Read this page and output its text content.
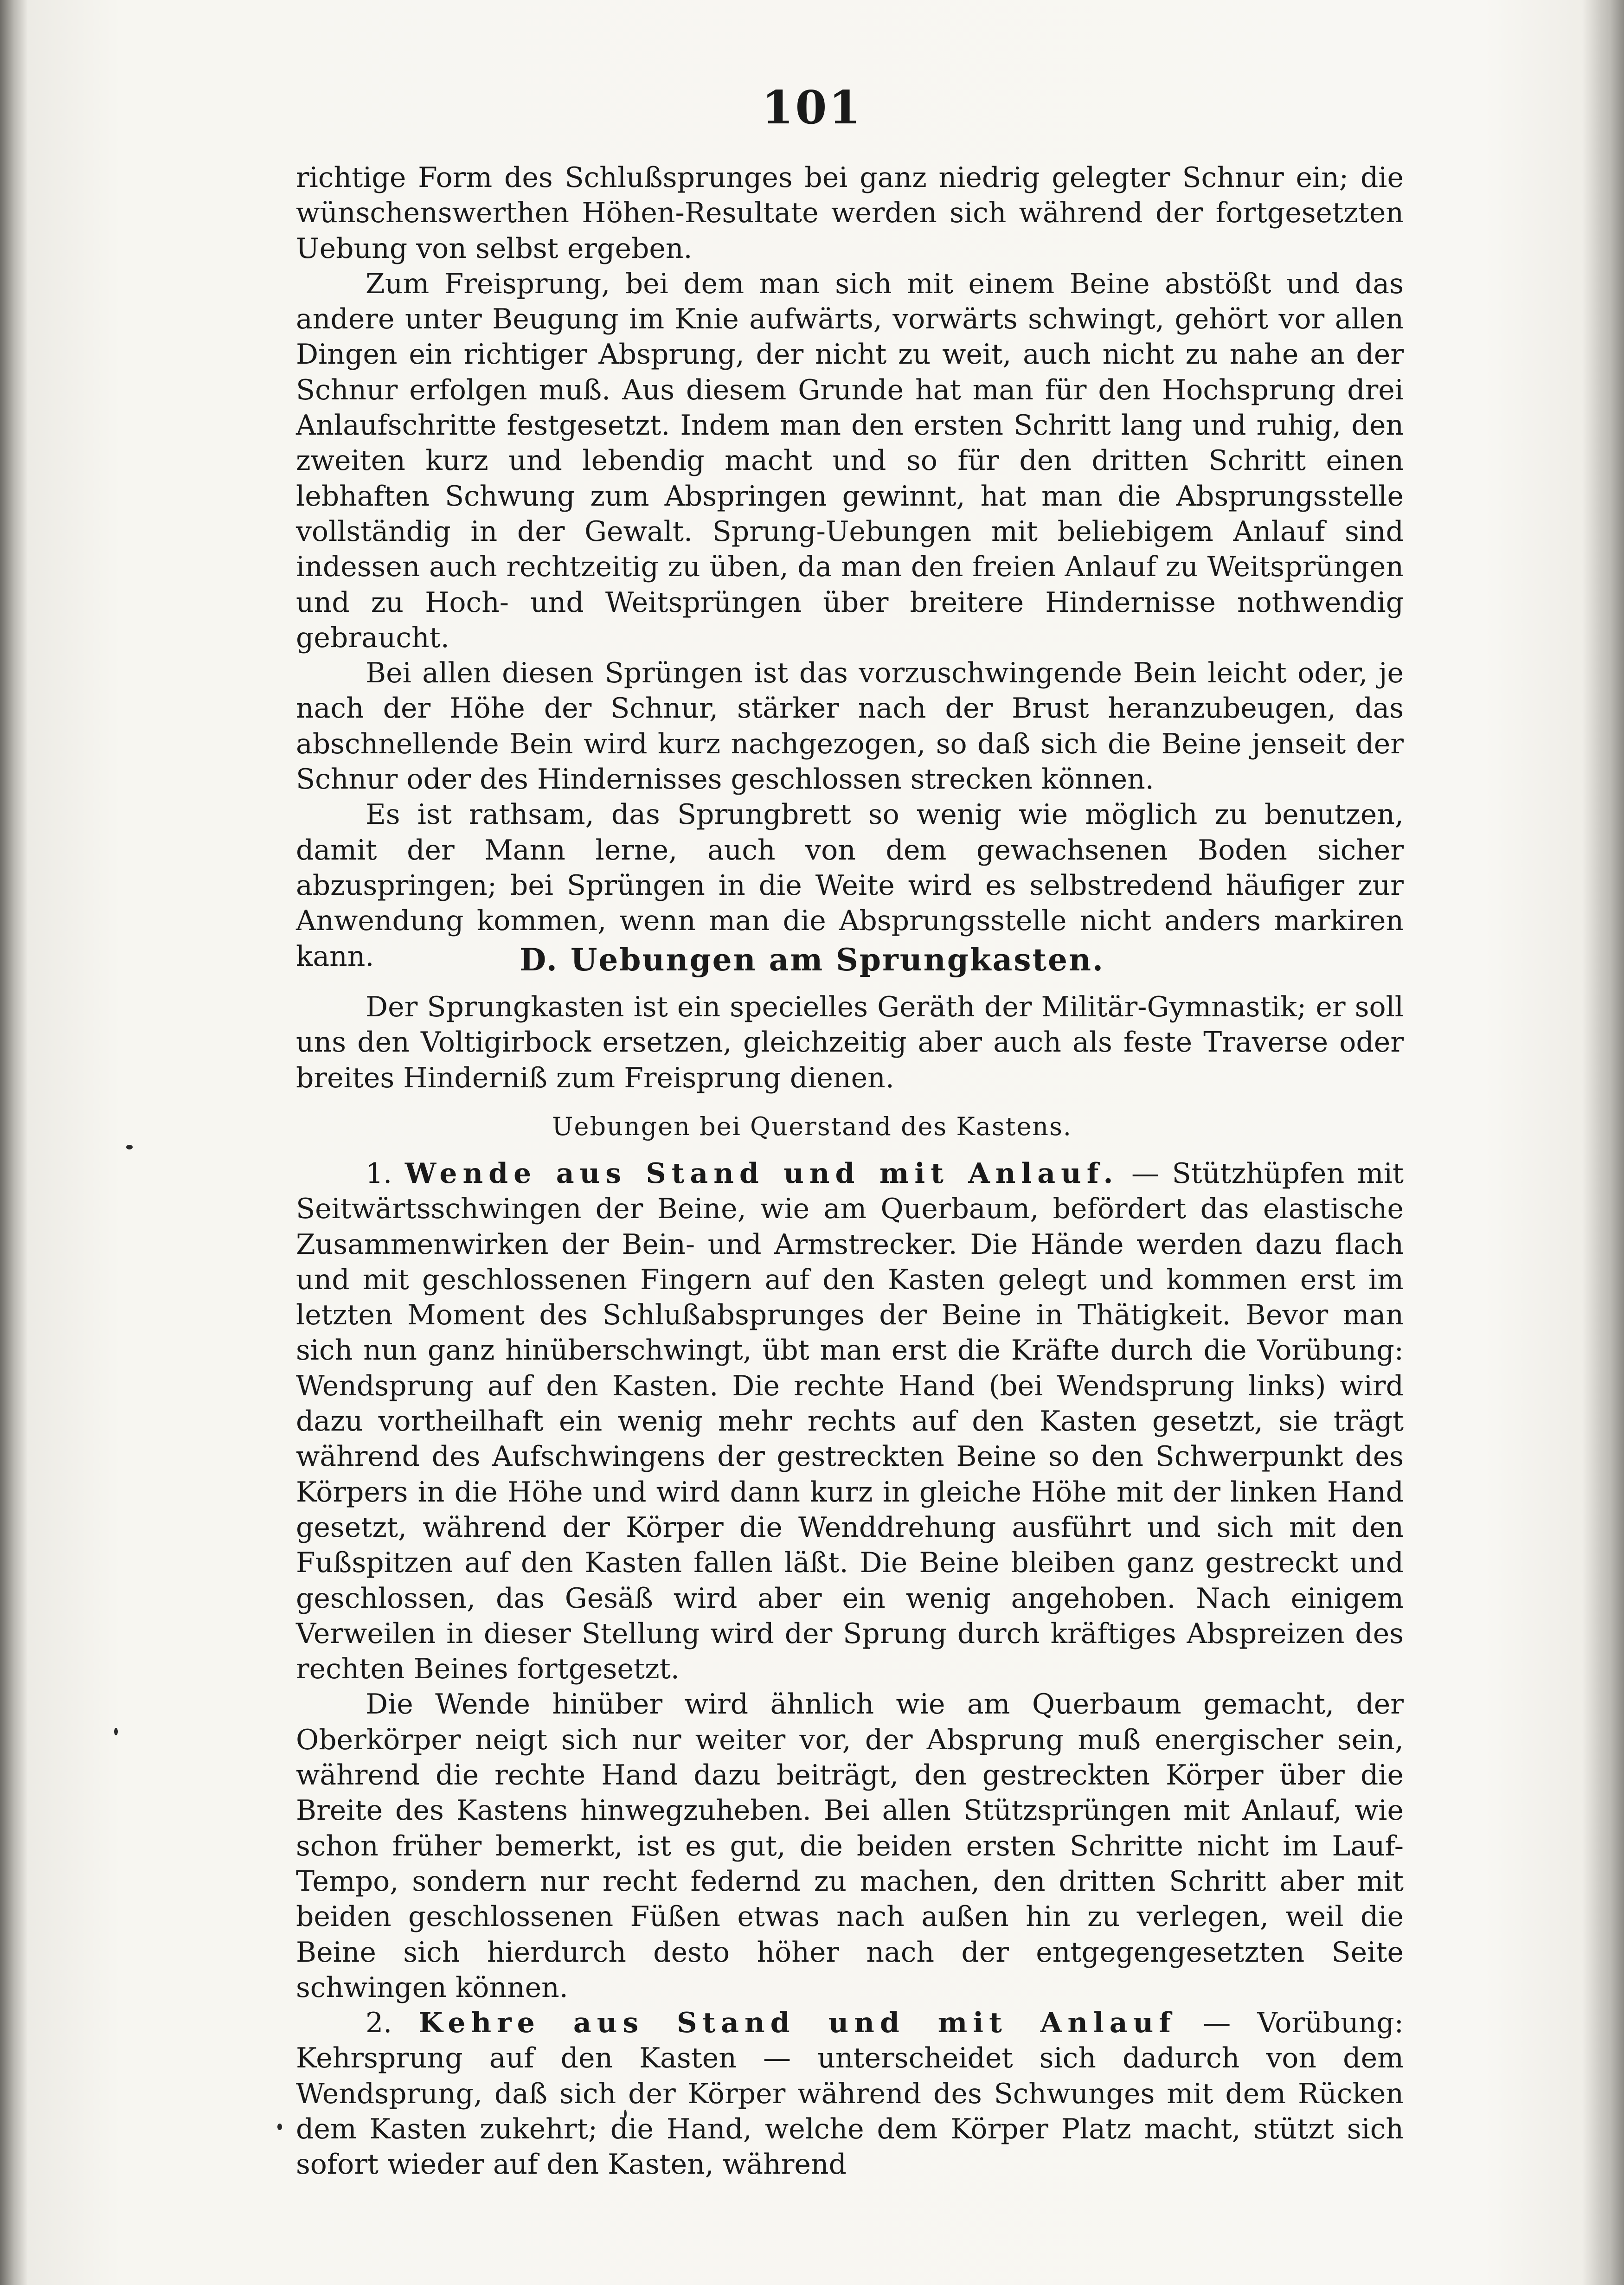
101

richtige Form des Schlußsprunges bei ganz niedrig gelegter Schnur ein; die wünschenswerthen Höhen-Resultate werden sich während der fortgesetzten Uebung von selbst ergeben.

Zum Freisprung, bei dem man sich mit einem Beine abstößt und das andere unter Beugung im Knie aufwärts, vorwärts schwingt, gehört vor allen Dingen ein richtiger Absprung, der nicht zu weit, auch nicht zu nahe an der Schnur erfolgen muß. Aus diesem Grunde hat man für den Hochsprung drei Anlaufschritte festgesetzt. Indem man den ersten Schritt lang und ruhig, den zweiten kurz und lebendig macht und so für den dritten Schritt einen lebhaften Schwung zum Abspringen gewinnt, hat man die Absprungsstelle vollständig in der Gewalt. Sprung-Uebungen mit beliebigem Anlauf sind indessen auch rechtzeitig zu üben, da man den freien Anlauf zu Weitsprüngen und zu Hoch- und Weitsprüngen über breitere Hindernisse nothwendig gebraucht.

Bei allen diesen Sprüngen ist das vorzuschwingende Bein leicht oder, je nach der Höhe der Schnur, stärker nach der Brust heranzubeugen, das abschnellende Bein wird kurz nachgezogen, so daß sich die Beine jenseit der Schnur oder des Hindernisses geschlossen strecken können.

Es ist rathsam, das Sprungbrett so wenig wie möglich zu benutzen, damit der Mann lerne, auch von dem gewachsenen Boden sicher abzuspringen; bei Sprüngen in die Weite wird es selbstredend häufiger zur Anwendung kommen, wenn man die Absprungsstelle nicht anders markiren kann.	D. Uebungen am Sprungkasten.

Der Sprungkasten ist ein specielles Geräth der Militär-Gymnastik; er soll uns den Voltigirbock ersetzen, gleichzeitig aber auch als feste Traverse oder breites Hinderniß zum Freisprung dienen.

Uebungen bei Querstand des Kastens.

1. Wende aus Stand und mit Anlauf. — Stützhüpfen mit Seitwärtsschwingen der Beine, wie am Querbaum, befördert das elastische Zusammenwirken der Bein- und Armstrecker. Die Hände werden dazu flach und mit geschlossenen Fingern auf den Kasten gelegt und kommen erst im letzten Moment des Schlußabsprunges der Beine in Thätigkeit. Bevor man sich nun ganz hinüberschwingt, übt man erst die Kräfte durch die Vorübung: Wendsprung auf den Kasten. Die rechte Hand (bei Wendsprung links) wird dazu vortheilhaft ein wenig mehr rechts auf den Kasten gesetzt, sie trägt während des Aufschwingens der gestreckten Beine so den Schwerpunkt des Körpers in die Höhe und wird dann kurz in gleiche Höhe mit der linken Hand gesetzt, während der Körper die Wenddrehung ausführt und sich mit den Fußspitzen auf den Kasten fallen läßt. Die Beine bleiben ganz gestreckt und geschlossen, das Gesäß wird aber ein wenig angehoben. Nach einigem Verweilen in dieser Stellung wird der Sprung durch kräftiges Abspreizen des rechten Beines fortgesetzt.

Die Wende hinüber wird ähnlich wie am Querbaum gemacht, der Oberkörper neigt sich nur weiter vor, der Absprung muß energischer sein, während die rechte Hand dazu beiträgt, den gestreckten Körper über die Breite des Kastens hinwegzuheben. Bei allen Stützsprüngen mit Anlauf, wie schon früher bemerkt, ist es gut, die beiden ersten Schritte nicht im Lauf-Tempo, sondern nur recht federnd zu machen, den dritten Schritt aber mit beiden geschlossenen Füßen etwas nach außen hin zu verlegen, weil die Beine sich hierdurch desto höher nach der entgegengesetzten Seite schwingen können.

2. Kehre aus Stand und mit Anlauf — Vorübung: Kehrsprung auf den Kasten — unterscheidet sich dadurch von dem Wendsprung, daß sich der Körper während des Schwunges mit dem Rücken dem Kasten zukehrt; die Hand, welche dem Körper Platz macht, stützt sich sofort wieder auf den Kasten, während
